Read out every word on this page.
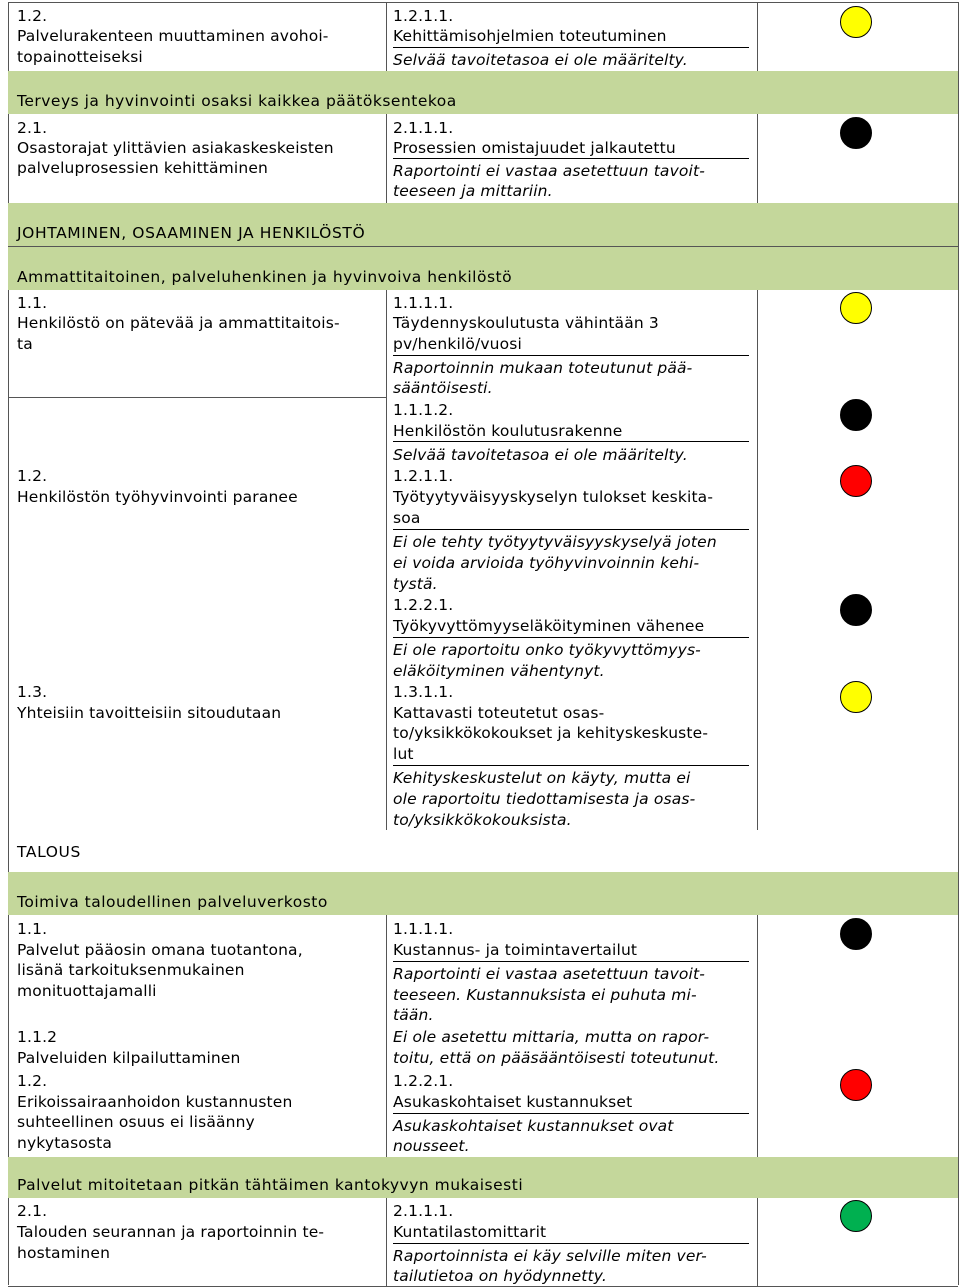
1.2.
Palvelurakenteen muuttaminen avohoi-
topainotteiseksi
1.2.1.1.
Kehittämisohjelmien toteutuminen
Selvää tavoitetasoa ei ole määritelty.
Terveys ja hyvinvointi osaksi kaikkea päätöksentekoa
2.1.
Osastorajat ylittävien asiakaskeskeisten
palveluprosessien kehittäminen
2.1.1.1.
Prosessien omistajuudet jalkautettu
Raportointi ei vastaa asetettuun tavoit-
teeseen ja mittariin.
JOHTAMINEN, OSAAMINEN JA HENKILÖSTÖ
Ammattitaitoinen, palveluhenkinen ja hyvinvoiva henkilöstö
1.1.
Henkilöstö on pätevää ja ammattitaitois-
ta
1.2.
Henkilöstön työhyvinvointi paranee
1.3.
Yhteisiin tavoitteisiin sitoudutaan
1.1.1.1.
Täydennyskoulutusta vähintään 3
pv/henkilö/vuosi
Raportoinnin mukaan toteutunut pää-
sääntöisesti.
1.1.1.2.
Henkilöstön koulutusrakenne
Selvää tavoitetasoa ei ole määritelty.
1.2.1.1.
Työtyytyväisyyskyselyn tulokset keskita-
soa
Ei ole tehty työtyytyväisyyskyselyä joten
ei voida arvioida työhyvinvoinnin kehi-
tystä.
1.2.2.1.
Työkyvyttömyyseläköityminen vähenee
Ei ole raportoitu onko työkyvyttömyys-
eläköityminen vähentynyt.
1.3.1.1.
Kattavasti toteutetut osas-
to/yksikkökokoukset ja kehityskeskuste-
lut
Kehityskeskustelut on käyty, mutta ei
ole raportoitu tiedottamisesta ja osas-
to/yksikkökokouksista.
TALOUS
Toimiva taloudellinen palveluverkosto
1.1.
Palvelut pääosin omana tuotantona,
lisänä tarkoituksenmukainen
monituottajamalli
1.1.2
Palveluiden kilpailuttaminen
1.2.
Erikoissairaanhoidon kustannusten
suhteellinen osuus ei lisäänny
nykytasosta
1.1.1.1.
Kustannus- ja toimintavertailut
Raportointi ei vastaa asetettuun tavoit-
teeseen. Kustannuksista ei puhuta mi-
tään.
Ei ole asetettu mittaria, mutta on rapor-
toitu, että on pääsääntöisesti toteutunut.
1.2.2.1.
Asukaskohtaiset kustannukset
Asukaskohtaiset kustannukset ovat
nousseet.
Palvelut mitoitetaan pitkän tähtäimen kantokyvyn mukaisesti
2.1.
Talouden seurannan ja raportoinnin te-
hostaminen
2.1.1.1.
Kuntatilastomittarit
Raportoinnista ei käy selville miten ver-
tailutietoa on hyödynnetty.
